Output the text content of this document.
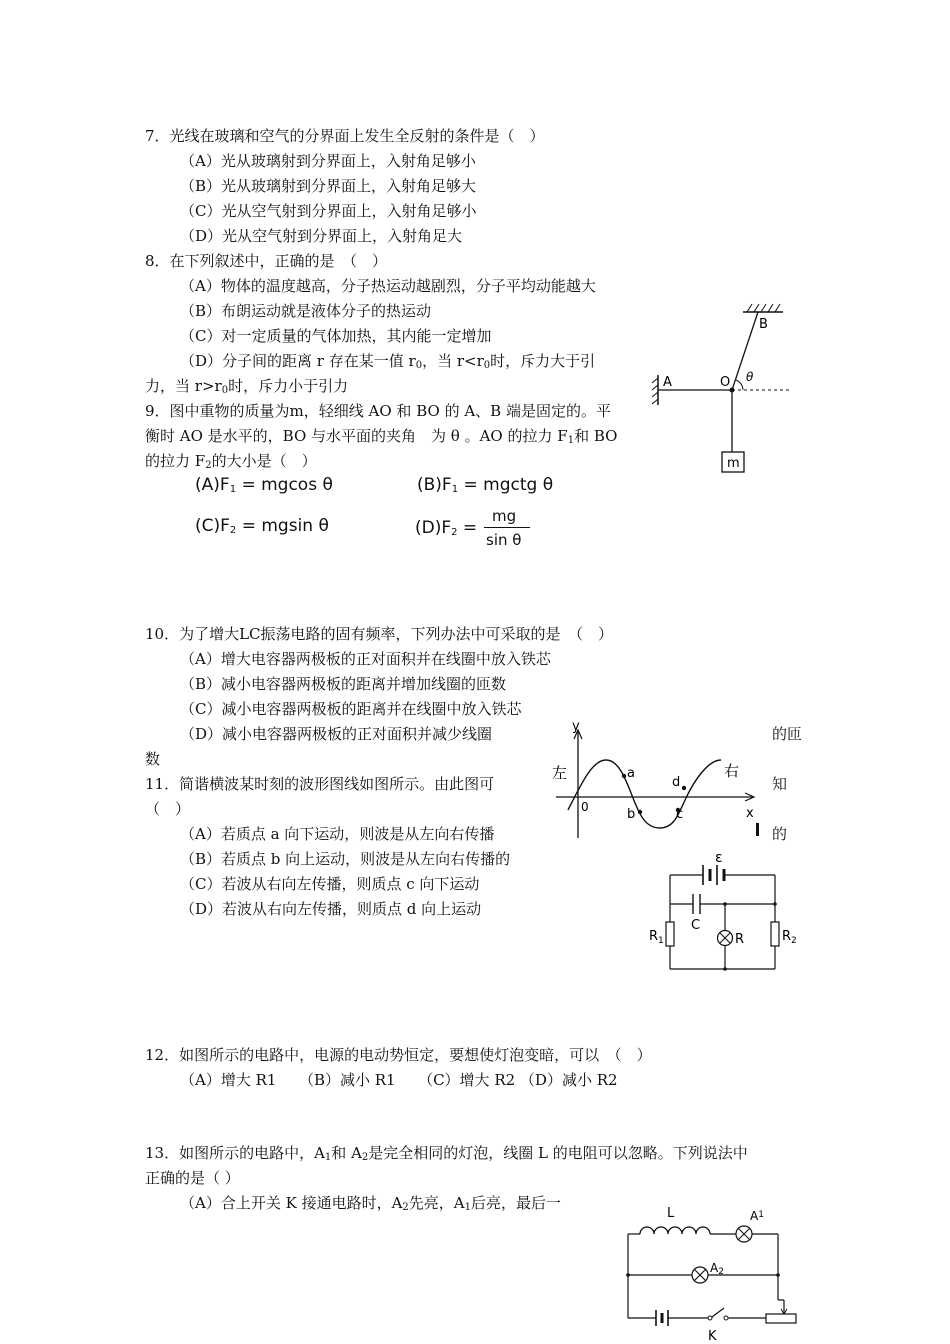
7．光线在玻璃和空气的分界面上发生全反射的条件是（　）
（A）光从玻璃射到分界面上，入射角足够小
（B）光从玻璃射到分界面上，入射角足够大
（C）光从空气射到分界面上，入射角足够小
（D）光从空气射到分界面上，入射角足大
8．在下列叙述中，正确的是　（　）
（A）物体的温度越高，分子热运动越剧烈，分子平均动能越大
（B）布朗运动就是液体分子的热运动
（C）对一定质量的气体加热，其内能一定增加
（D）分子间的距离 r 存在某一值 $r_0$，当 $r<r_0$时，斥力大于引
力，当 $r>r_0$时，斥力小于引力
9．图中重物的质量为m，轻细线 AO 和 BO 的 A、B 端是固定的。平
衡时 AO 是水平的，BO 与水平面的夹角　为 θ 。AO 的拉力 $F_1$和 BO
的拉力 $F_2$的大小是（　）
$(A)F_1 = mgcos$ θ	$(B)F_1$ = mgctg θ
$(C)F_2 = mgsin$ θ	$(D)F_2$ =
mg
sin θ
A
B
O θ
m
10．为了增大LC振荡电路的固有频率，下列办法中可采取的是　（　）
（A）增大电容器两极板的正对面积并在线圈中放入铁芯
（B）减小电容器两极板的距离并增加线圈的匝数
（C）减小电容器两极板的距离并在线圈中放入铁芯
（D）减小电容器两极板的正对面积并减少线圈	的匝
数
11．简谐横波某时刻的波形图线如图所示。由此图可	知
（　）
（A）若质点 a 向下运动，则波是从左向右传播	的
（B）若质点 b 向上运动，则波是从左向右传播的
（C）若波从右向左传播，则质点 c 向下运动
（D）若波从右向左传播，则质点 d 向上运动
y
x
0
左	右
a
b	c
d
ε
C
R
$R_1$	$R_2$
12．如图所示的电路中，电源的电动势恒定，要想使灯泡变暗，可以　（　）
（A）增大 R1　　（B）减小 R1　　（C）增大 R2 （D）减小 R2
13．如图所示的电路中，$A_1$和 $A_2$是完全相同的灯泡，线圈 L 的电阻可以忽略。下列说法中
正确的是（ ）
（A）合上开关 K 接通电路时，$A_2$先亮，$A_1$后亮，最后一
L	$A^1$
A2
K
